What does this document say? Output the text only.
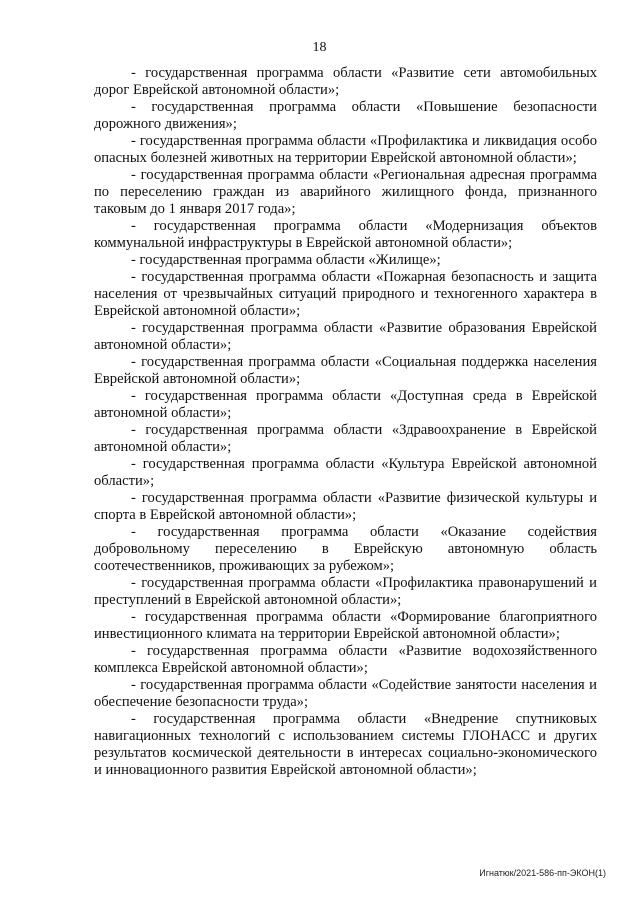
18

- государственная программа области «Развитие сети автомобильных дорог Еврейской автономной области»;

- государственная программа области «Повышение безопасности дорожного движения»;

- государственная программа области «Профилактика и ликвидация особо опасных болезней животных на территории Еврейской автономной области»;

- государственная программа области «Региональная адресная программа по переселению граждан из аварийного жилищного фонда, признанного таковым до 1 января 2017 года»;

- государственная программа области «Модернизация объектов коммунальной инфраструктуры в Еврейской автономной области»;

- государственная программа области «Жилище»;

- государственная программа области «Пожарная безопасность и защита населения от чрезвычайных ситуаций природного и техногенного характера в Еврейской автономной области»;

- государственная программа области «Развитие образования Еврейской автономной области»;

- государственная программа области «Социальная поддержка населения Еврейской автономной области»;

- государственная программа области «Доступная среда в Еврейской автономной области»;

- государственная программа области «Здравоохранение в Еврейской автономной области»;

- государственная программа области «Культура Еврейской автономной области»;

- государственная программа области «Развитие физической культуры и спорта в Еврейской автономной области»;

- государственная программа области «Оказание содействия добровольному переселению в Еврейскую автономную область соотечественников, проживающих за рубежом»;

- государственная программа области «Профилактика правонарушений и преступлений в Еврейской автономной области»;

- государственная программа области «Формирование благоприятного инвестиционного климата на территории Еврейской автономной области»;

- государственная программа области «Развитие водохозяйственного комплекса Еврейской автономной области»;

- государственная программа области «Содействие занятости населения и обеспечение безопасности труда»;

- государственная программа области «Внедрение спутниковых навигационных технологий с использованием системы ГЛОНАСС и других результатов космической деятельности в интересах социально-экономического и инновационного развития Еврейской автономной области»;

Игнатюк/2021-586-пп-ЭКОН(1)
